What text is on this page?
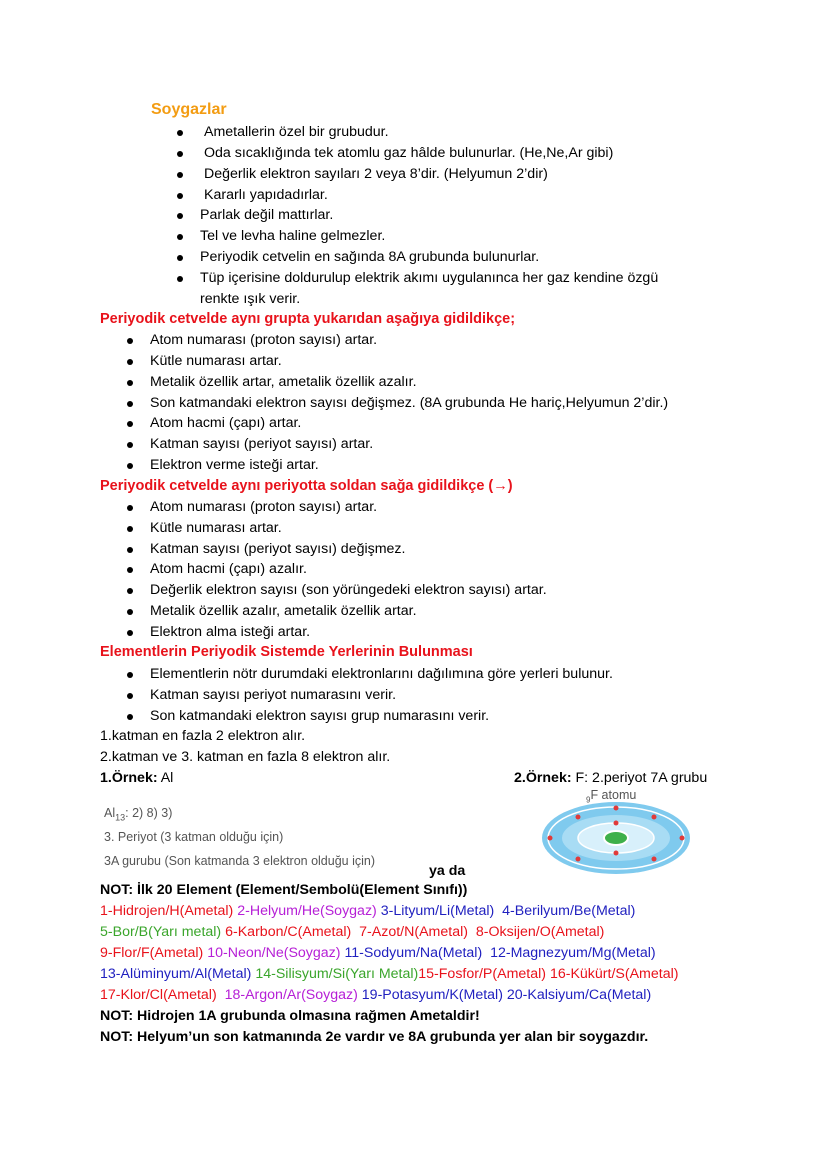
Soygazlar
Ametallerin özel bir grubudur.
Oda sıcaklığında tek atomlu gaz hâlde bulunurlar. (He,Ne,Ar gibi)
Değerlik elektron sayıları 2 veya 8’dir. (Helyumun 2’dir)
Kararlı yapıdadırlar.
Parlak değil mattırlar.
Tel ve levha haline gelmezler.
Periyodik cetvelin en sağında 8A grubunda bulunurlar.
Tüp içerisine doldurulup elektrik akımı uygulanınca her gaz kendine özgü
renkte ışık verir.
Periyodik cetvelde aynı grupta yukarıdan aşağıya gidildikçe;
Atom numarası (proton sayısı) artar.
Kütle numarası artar.
Metalik özellik artar, ametalik özellik azalır.
Son katmandaki elektron sayısı değişmez. (8A grubunda He hariç,Helyumun 2’dir.)
Atom hacmi (çapı) artar.
Katman sayısı (periyot sayısı) artar.
Elektron verme isteği artar.
Periyodik cetvelde aynı periyotta soldan sağa gidildikçe (→)
Atom numarası (proton sayısı) artar.
Kütle numarası artar.
Katman sayısı (periyot sayısı) değişmez.
Atom hacmi (çapı) azalır.
Değerlik elektron sayısı (son yörüngedeki elektron sayısı) artar.
Metalik özellik azalır, ametalik özellik artar.
Elektron alma isteği artar.
Elementlerin Periyodik Sistemde Yerlerinin Bulunması
Elementlerin nötr durumdaki elektronlarını dağılımına göre yerleri bulunur.
Katman sayısı periyot numarasını verir.
Son katmandaki elektron sayısı grup numarasını verir.
1.katman en fazla 2 elektron alır.
2.katman ve 3. katman en fazla 8 elektron alır.
1.Örnek: Al
$Al_{13}$: 2) 8) 3)
3. Periyot (3 katman olduğu için)
3A gurubu (Son katmanda 3 elektron olduğu için)
2.Örnek: F: 2.periyot 7A grubu
$_9$F atomu
ya da
NOT: İlk 20 Element (Element/Sembolü(Element Sınıfı))
1-Hidrojen/H(Ametal) 2-Helyum/He(Soygaz) 3-Lityum/Li(Metal) 4-Berilyum/Be(Metal)
5-Bor/B(Yarı metal) 6-Karbon/C(Ametal) 7-Azot/N(Ametal) 8-Oksijen/O(Ametal)
9-Flor/F(Ametal) 10-Neon/Ne(Soygaz) 11-Sodyum/Na(Metal) 12-Magnezyum/Mg(Metal)
13-Alüminyum/Al(Metal) 14-Silisyum/Si(Yarı Metal)15-Fosfor/P(Ametal) 16-Kükürt/S(Ametal)
17-Klor/Cl(Ametal) 18-Argon/Ar(Soygaz) 19-Potasyum/K(Metal) 20-Kalsiyum/Ca(Metal)
NOT: Hidrojen 1A grubunda olmasına rağmen Ametaldir!
NOT: Helyum’un son katmanında 2e vardır ve 8A grubunda yer alan bir soygazdır.
